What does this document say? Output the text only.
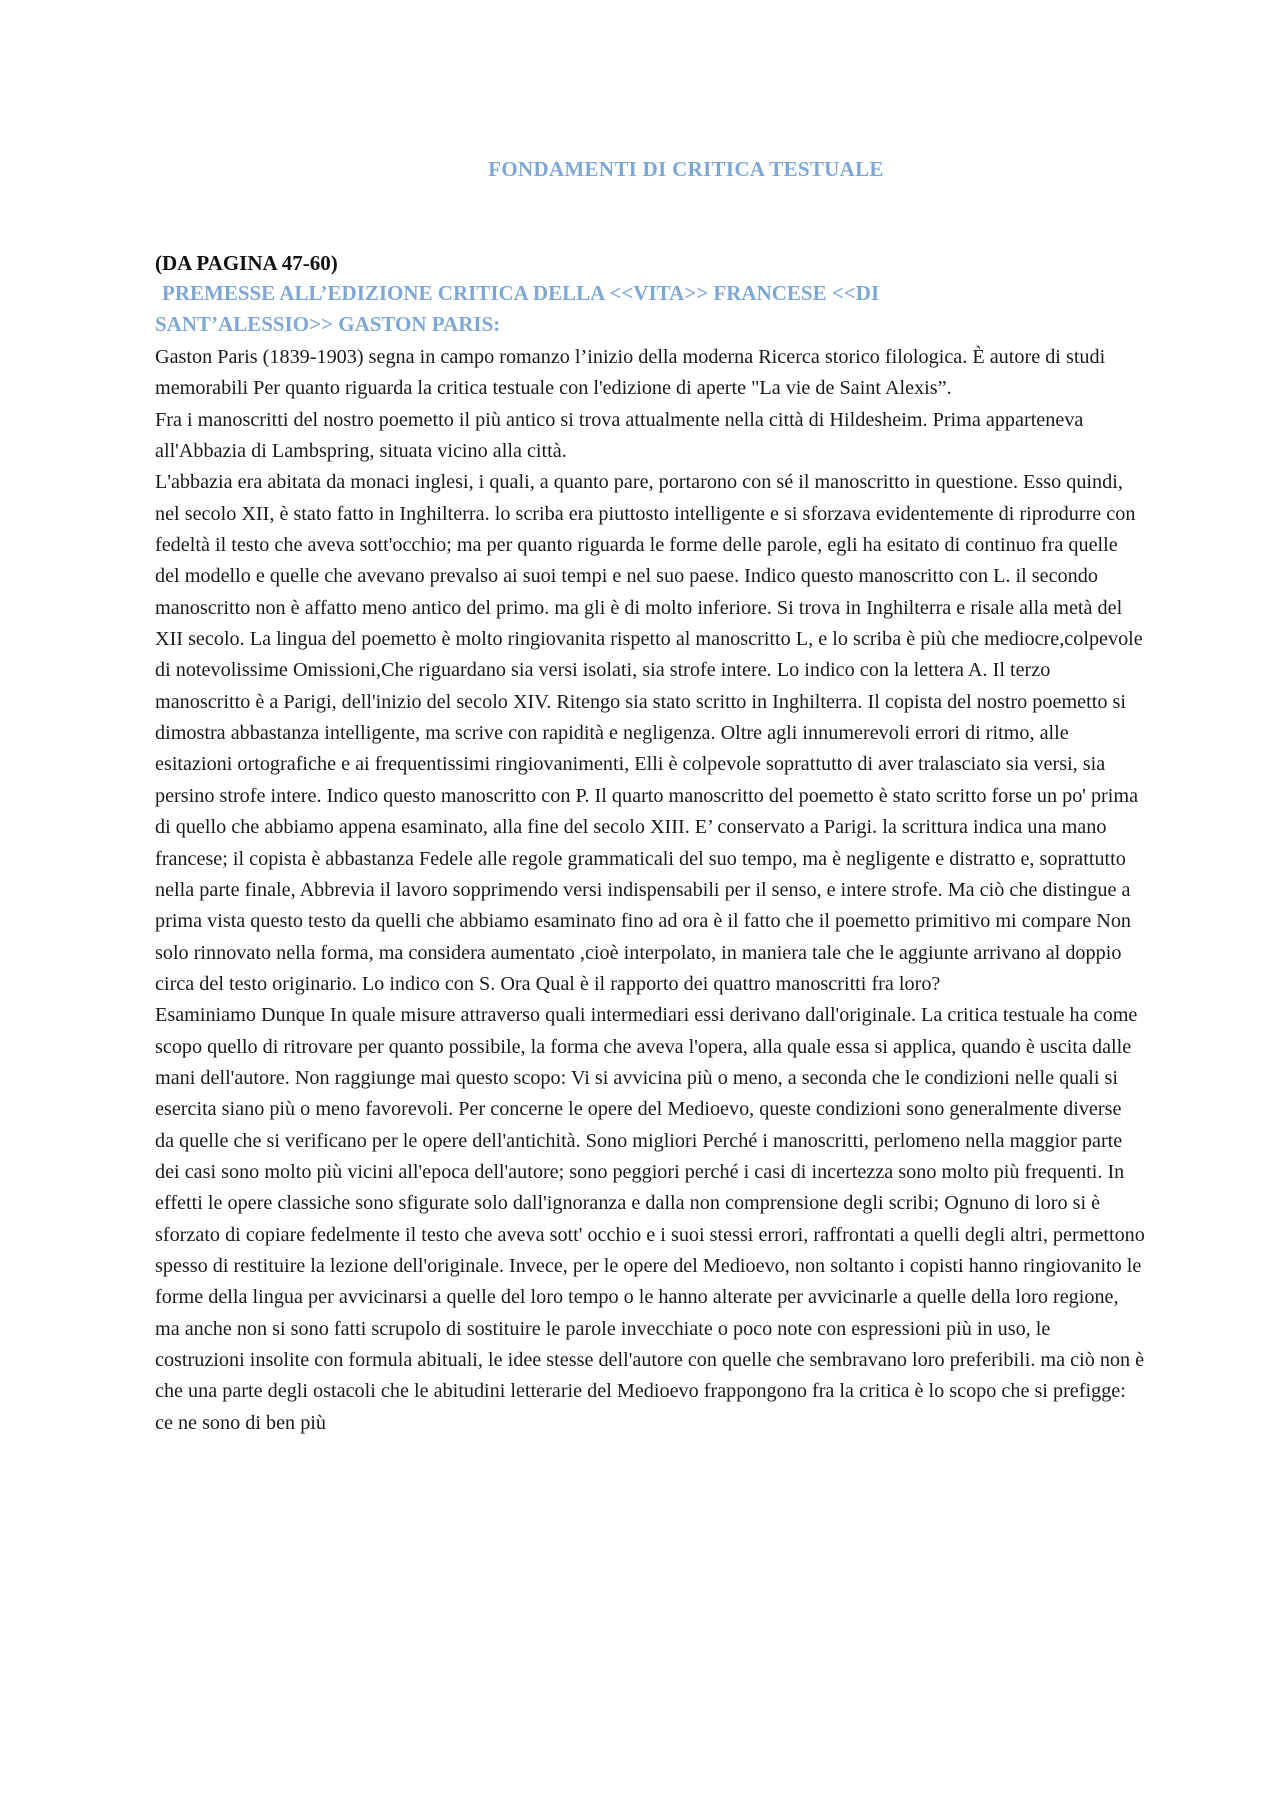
FONDAMENTI DI CRITICA TESTUALE

(DA PAGINA 47-60)

PREMESSE ALL’EDIZIONE CRITICA DELLA <<VITA>> FRANCESE <<DI
SANT’ALESSIO>> GASTON PARIS:

Gaston Paris (1839-1903) segna in campo romanzo l’inizio della moderna Ricerca storico filologica. È autore di studi memorabili Per quanto riguarda la critica testuale con l'edizione di aperte "La vie de Saint Alexis”.

Fra i manoscritti del nostro poemetto il più antico si trova attualmente nella città di Hildesheim. Prima apparteneva all'Abbazia di Lambspring, situata vicino alla città.

L'abbazia era abitata da monaci inglesi, i quali, a quanto pare, portarono con sé il manoscritto in questione. Esso quindi, nel secolo XII, è stato fatto in Inghilterra. lo scriba era piuttosto intelligente e si sforzava evidentemente di riprodurre con fedeltà il testo che aveva sott'occhio; ma per quanto riguarda le forme delle parole, egli ha esitato di continuo fra quelle del modello e quelle che avevano prevalso ai suoi tempi e nel suo paese. Indico questo manoscritto con L. il secondo manoscritto non è affatto meno antico del primo. ma gli è di molto inferiore. Si trova in Inghilterra e risale alla metà del XII secolo. La lingua del poemetto è molto ringiovanita rispetto al manoscritto L, e lo scriba è più che mediocre,colpevole di notevolissime Omissioni,Che riguardano sia versi isolati, sia strofe intere. Lo indico con la lettera A. Il terzo manoscritto è a Parigi, dell'inizio del secolo XIV. Ritengo sia stato scritto in Inghilterra. Il copista del nostro poemetto si dimostra abbastanza intelligente, ma scrive con rapidità e negligenza. Oltre agli innumerevoli errori di ritmo, alle esitazioni ortografiche e ai frequentissimi ringiovanimenti, Elli è colpevole soprattutto di aver tralasciato sia versi, sia persino strofe intere. Indico questo manoscritto con P. Il quarto manoscritto del poemetto è stato scritto forse un po' prima di quello che abbiamo appena esaminato, alla fine del secolo XIII. E’ conservato a Parigi. la scrittura indica una mano francese; il copista è abbastanza Fedele alle regole grammaticali del suo tempo, ma è negligente e distratto e, soprattutto nella parte finale, Abbrevia il lavoro sopprimendo versi indispensabili per il senso, e intere strofe. Ma ciò che distingue a prima vista questo testo da quelli che abbiamo esaminato fino ad ora è il fatto che il poemetto primitivo mi compare Non solo rinnovato nella forma, ma considera aumentato ,cioè interpolato, in maniera tale che le aggiunte arrivano al doppio circa del testo originario. Lo indico con S. Ora Qual è il rapporto dei quattro manoscritti fra loro?

Esaminiamo Dunque In quale misure attraverso quali intermediari essi derivano dall'originale. La critica testuale ha come scopo quello di ritrovare per quanto possibile, la forma che aveva l'opera, alla quale essa si applica, quando è uscita dalle mani dell'autore. Non raggiunge mai questo scopo: Vi si avvicina più o meno, a seconda che le condizioni nelle quali si esercita siano più o meno favorevoli. Per concerne le opere del Medioevo, queste condizioni sono generalmente diverse da quelle che si verificano per le opere dell'antichità. Sono migliori Perché i manoscritti, perlomeno nella maggior parte dei casi sono molto più vicini all'epoca dell'autore; sono peggiori perché i casi di incertezza sono molto più frequenti. In effetti le opere classiche sono sfigurate solo dall'ignoranza e dalla non comprensione degli scribi; Ognuno di loro si è sforzato di copiare fedelmente il testo che aveva sott' occhio e i suoi stessi errori, raffrontati a quelli degli altri, permettono spesso di restituire la lezione dell'originale. Invece, per le opere del Medioevo, non soltanto i copisti hanno ringiovanito le forme della lingua per avvicinarsi a quelle del loro tempo o le hanno alterate per avvicinarle a quelle della loro regione, ma anche non si sono fatti scrupolo di sostituire le parole invecchiate o poco note con espressioni più in uso, le costruzioni insolite con formula abituali, le idee stesse dell'autore con quelle che sembravano loro preferibili. ma ciò non è che una parte degli ostacoli che le abitudini letterarie del Medioevo frappongono fra la critica è lo scopo che si prefigge: ce ne sono di ben più
